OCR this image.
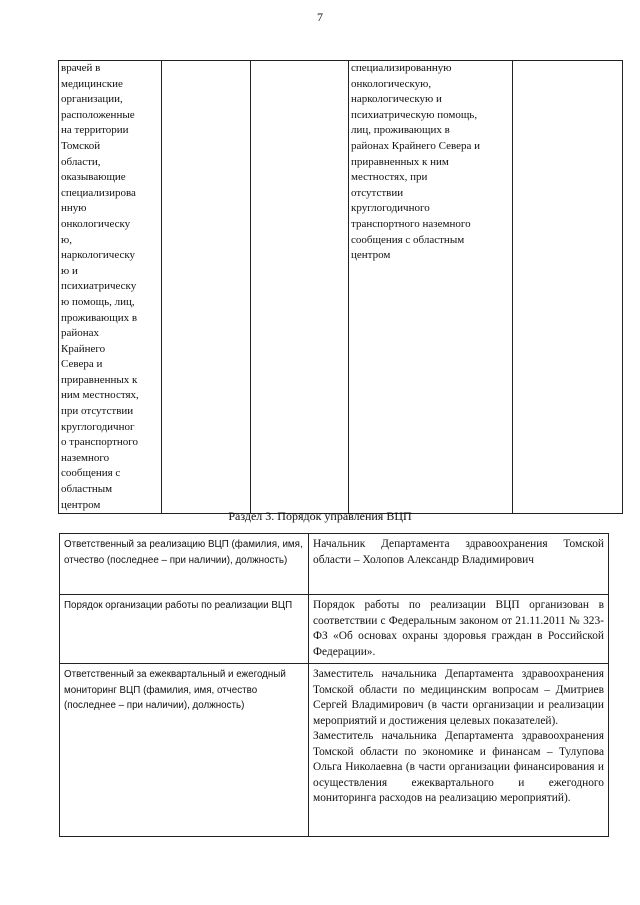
7
врачей в
медицинские
организации,
расположенные
на территории
Томской
области,
оказывающие
специализирова
нную
онкологическу
ю,
наркологическу
ю и
психиатрическу
ю помощь, лиц,
проживающих в
районах
Крайнего
Севера и
приравненных к
ним местностях,
при отсутствии
круглогодичног
о транспортного
наземного
сообщения с
областным
центром			специализированную
онкологическую,
наркологическую и
психиатрическую помощь,
лиц, проживающих в
районах Крайнего Севера и
приравненных к ним
местностях, при
отсутствии
круглогодичного
транспортного наземного
сообщения с областным
центром	
Раздел 3. Порядок управления ВЦП
Ответственный за реализацию ВЦП (фамилия, имя, отчество (последнее – при наличии), должность)	Начальник Департамента здравоохранения Томской области – Холопов Александр Владимирович

Порядок организации работы по реализации ВЦП	Порядок работы по реализации ВЦП организован в соответствии с Федеральным законом от 21.11.2011 № 323-ФЗ «Об основах охраны здоровья граждан в Российской Федерации».

Ответственный за ежеквартальный и ежегодный мониторинг ВЦП (фамилия, имя, отчество (последнее – при наличии), должность)	Заместитель начальника Департамента здравоохранения Томской области по медицинским вопросам – Дмитриев Сергей Владимирович (в части организации и реализации мероприятий и достижения целевых показателей).
Заместитель начальника Департамента здравоохранения Томской области по экономике и финансам – Тулупова Ольга Николаевна (в части организации финансирования и осуществления ежеквартального и ежегодного мониторинга расходов на реализацию мероприятий).
